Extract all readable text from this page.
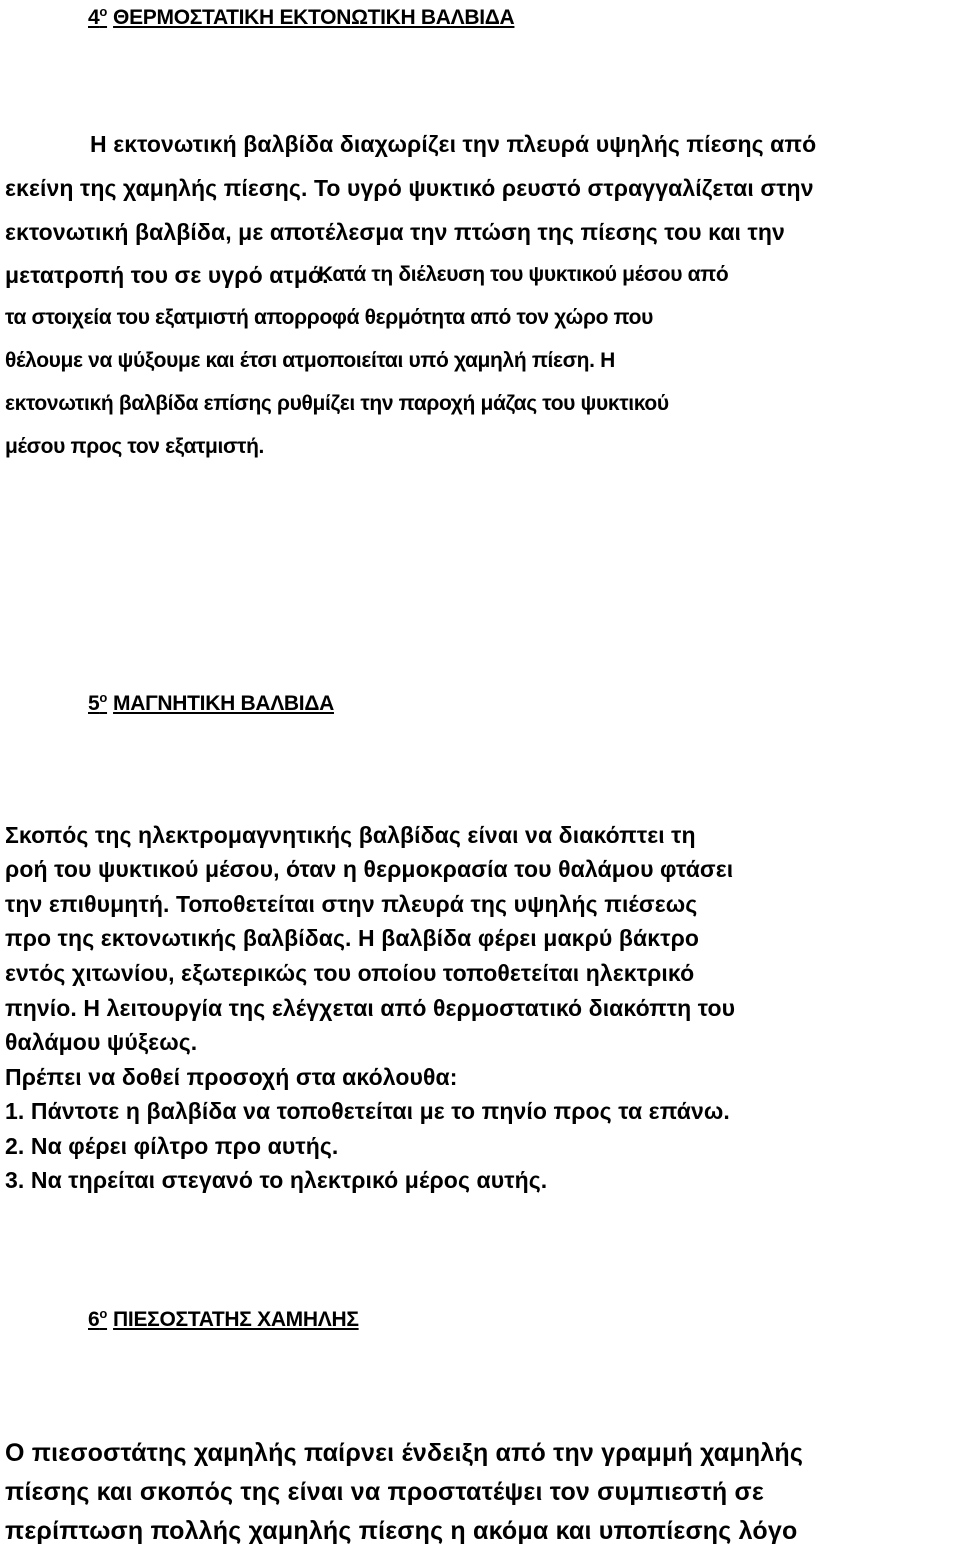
$4^o$ ΘΕΡΜΟΣΤΑΤΙΚΗ ΕΚΤΟΝΩΤΙΚΗ ΒΑΛΒΙΔΑ
Η εκτονωτική βαλβίδα διαχωρίζει την πλευρά υψηλής πίεσης από
εκείνη της χαμηλής πίεσης. Το υγρό ψυκτικό ρευστό στραγγαλίζεται στην
εκτονωτική βαλβίδα, με αποτέλεσμα την πτώση της πίεσης του και την
μετατροπή του σε υγρό ατμό.
Κατά τη διέλευση του ψυκτικού μέσου από
τα στοιχεία του εξατμιστή απορροφά θερμότητα από τον χώρο που
θέλουμε να ψύξουμε και έτσι ατμοποιείται υπό χαμηλή πίεση. Η
εκτονωτική βαλβίδα επίσης ρυθμίζει την παροχή μάζας του ψυκτικού
μέσου προς τον εξατμιστή.
$5^o$ ΜΑΓΝΗΤΙΚΗ ΒΑΛΒΙΔΑ
Σκοπός της ηλεκτρομαγνητικής βαλβίδας είναι να διακόπτει τη
ροή του ψυκτικού μέσου, όταν η θερμοκρασία του θαλάμου φτάσει
την επιθυμητή. Τοποθετείται στην πλευρά της υψηλής πιέσεως
προ της εκτονωτικής βαλβίδας. Η βαλβίδα φέρει μακρύ βάκτρο
εντός χιτωνίου, εξωτερικώς του οποίου τοποθετείται ηλεκτρικό
πηνίο. Η λειτουργία της ελέγχεται από θερμοστατικό διακόπτη του
θαλάμου ψύξεως.
Πρέπει να δοθεί προσοχή στα ακόλουθα:
1. Πάντοτε η βαλβίδα να τοποθετείται με το πηνίο προς τα επάνω.
2. Να φέρει φίλτρο προ αυτής.
3. Να τηρείται στεγανό το ηλεκτρικό μέρος αυτής.
$6^o$ ΠΙΕΣΟΣΤΑΤΗΣ ΧΑΜΗΛΗΣ
Ο πιεσοστάτης χαμηλής παίρνει ένδειξη από την γραμμή χαμηλής
πίεσης και σκοπός της είναι να προστατέψει τον συμπιεστή σε
περίπτωση πολλής χαμηλής πίεσης η ακόμα και υποπίεσης λόγο
